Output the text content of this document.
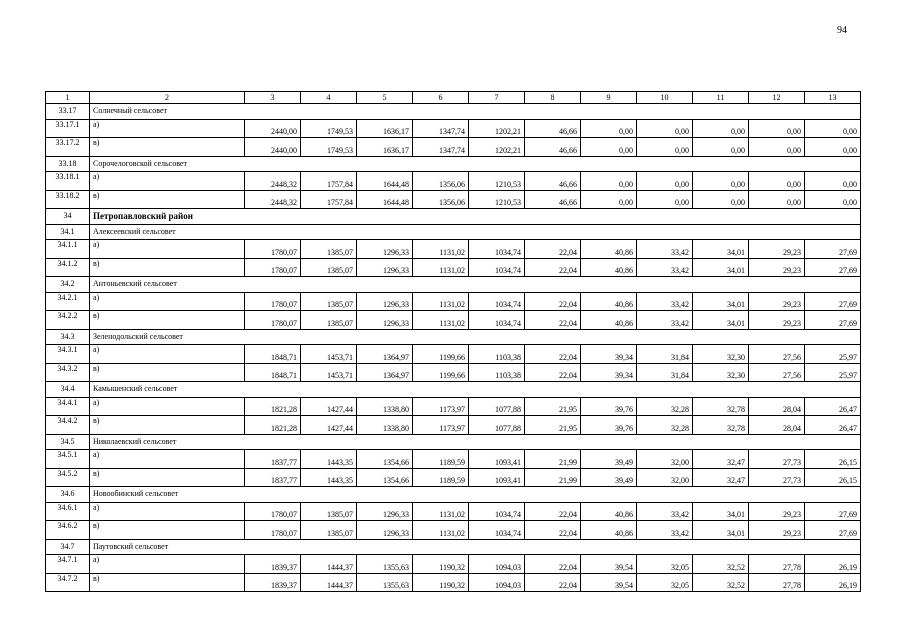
94
1	2	3	4	5	6	7	8	9	10	11	12	13
33.17	Солнечный сельсовет											
33.17.1	а)	2440,00	1749,53	1636,17	1347,74	1202,21	46,66	0,00	0,00	0,00	0,00	0,00
33.17.2	в)	2440,00	1749,53	1636,17	1347,74	1202,21	46,66	0,00	0,00	0,00	0,00	0,00
33.18	Сорочелоговской сельсовет											
33.18.1	а)	2448,32	1757,84	1644,48	1356,06	1210,53	46,66	0,00	0,00	0,00	0,00	0,00
33.18.2	в)	2448,32	1757,84	1644,48	1356,06	1210,53	46,66	0,00	0,00	0,00	0,00	0,00
34	Петропавловский район											
34.1	Алексеевский сельсовет											
34.1.1	а)	1780,07	1385,07	1296,33	1131,02	1034,74	22,04	40,86	33,42	34,01	29,23	27,69
34.1.2	в)	1780,07	1385,07	1296,33	1131,02	1034,74	22,04	40,86	33,42	34,01	29,23	27,69
34.2	Антоньевский сельсовет											
34.2.1	а)	1780,07	1385,07	1296,33	1131,02	1034,74	22,04	40,86	33,42	34,01	29,23	27,69
34.2.2	в)	1780,07	1385,07	1296,33	1131,02	1034,74	22,04	40,86	33,42	34,01	29,23	27,69
34.3	Зеленодольский сельсовет											
34.3.1	а)	1848,71	1453,71	1364,97	1199,66	1103,38	22,04	39,34	31,84	32,30	27,56	25,97
34.3.2	в)	1848,71	1453,71	1364,97	1199,66	1103,38	22,04	39,34	31,84	32,30	27,56	25,97
34.4	Камышенский сельсовет											
34.4.1	а)	1821,28	1427,44	1338,80	1173,97	1077,88	21,95	39,76	32,28	32,78	28,04	26,47
34.4.2	в)	1821,28	1427,44	1338,80	1173,97	1077,88	21,95	39,76	32,28	32,78	28,04	26,47
34.5	Николаевский сельсовет											
34.5.1	а)	1837,77	1443,35	1354,66	1189,59	1093,41	21,99	39,49	32,00	32,47	27,73	26,15
34.5.2	в)	1837,77	1443,35	1354,66	1189,59	1093,41	21,99	39,49	32,00	32,47	27,73	26,15
34.6	Новообинский сельсовет											
34.6.1	а)	1780,07	1385,07	1296,33	1131,02	1034,74	22,04	40,86	33,42	34,01	29,23	27,69
34.6.2	в)	1780,07	1385,07	1296,33	1131,02	1034,74	22,04	40,86	33,42	34,01	29,23	27,69
34.7	Паутовский сельсовет											
34.7.1	а)	1839,37	1444,37	1355,63	1190,32	1094,03	22,04	39,54	32,05	32,52	27,78	26,19
34.7.2	в)	1839,37	1444,37	1355,63	1190,32	1094,03	22,04	39,54	32,05	32,52	27,78	26,19
